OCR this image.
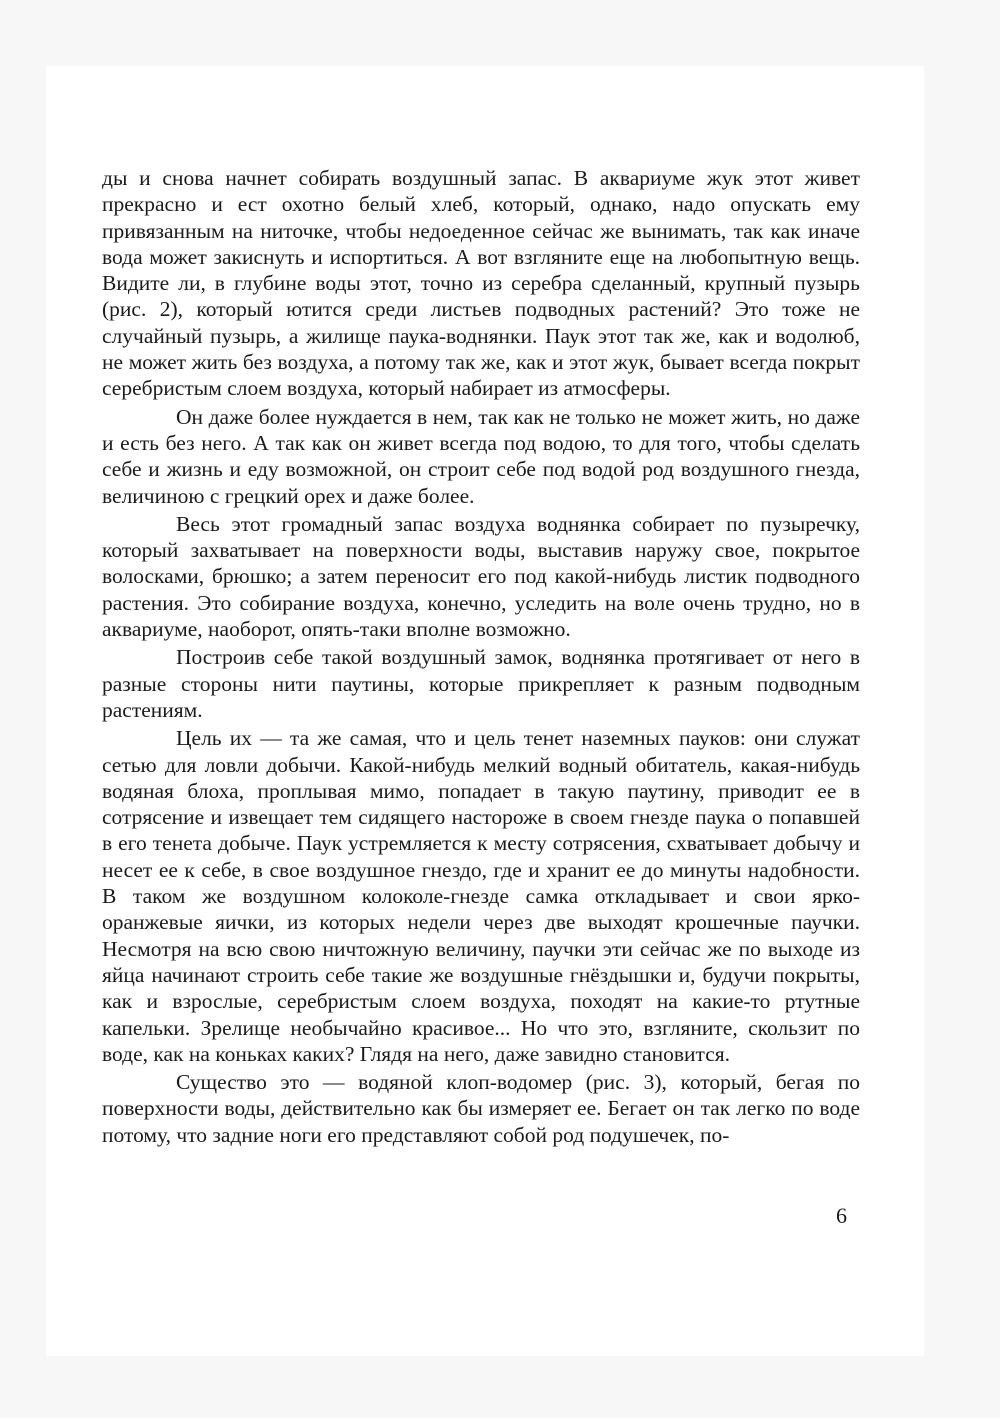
ды и снова начнет собирать воздушный запас. В аквариуме жук этот живет прекрасно и ест охотно белый хлеб, который, однако, надо опускать ему привязанным на ниточке, чтобы недоеденное сейчас же вынимать, так как иначе вода может закиснуть и испортиться. А вот взгляните еще на любопытную вещь. Видите ли, в глубине воды этот, точно из серебра сделанный, крупный пузырь (рис. 2), который ютится среди листьев подводных растений? Это тоже не случайный пузырь, а жилище паука-воднянки. Паук этот так же, как и водолюб, не может жить без воздуха, а потому так же, как и этот жук, бывает всегда покрыт серебристым слоем воздуха, который набирает из атмосферы.

Он даже более нуждается в нем, так как не только не может жить, но даже и есть без него. А так как он живет всегда под водою, то для того, чтобы сделать себе и жизнь и еду возможной, он строит себе под водой род воздушного гнезда, величиною с грецкий орех и даже более.

Весь этот громадный запас воздуха воднянка собирает по пузыречку, который захватывает на поверхности воды, выставив наружу свое, покрытое волосками, брюшко; а затем переносит его под какой-нибудь листик подводного растения. Это собирание воздуха, конечно, уследить на воле очень трудно, но в аквариуме, наоборот, опять-таки вполне возможно.

Построив себе такой воздушный замок, воднянка протягивает от него в разные стороны нити паутины, которые прикрепляет к разным подводным растениям.

Цель их — та же самая, что и цель тенет наземных пауков: они служат сетью для ловли добычи. Какой-нибудь мелкий водный обитатель, какая-нибудь водяная блоха, проплывая мимо, попадает в такую паутину, приводит ее в сотрясение и извещает тем сидящего настороже в своем гнезде паука о попавшей в его тенета добыче. Паук устремляется к месту сотрясения, схватывает добычу и несет ее к себе, в свое воздушное гнездо, где и хранит ее до минуты надобности. В таком же воздушном колоколе-гнезде самка откладывает и свои ярко-оранжевые яички, из которых недели через две выходят крошечные паучки. Несмотря на всю свою ничтожную величину, паучки эти сейчас же по выходе из яйца начинают строить себе такие же воздушные гнёздышки и, будучи покрыты, как и взрослые, серебристым слоем воздуха, походят на какие-то ртутные капельки. Зрелище необычайно красивое... Но что это, взгляните, скользит по воде, как на коньках каких? Глядя на него, даже завидно становится.

Существо это — водяной клоп-водомер (рис. 3), который, бегая по поверхности воды, действительно как бы измеряет ее. Бегает он так легко по воде потому, что задние ноги его представляют собой род подушечек, по-

6
